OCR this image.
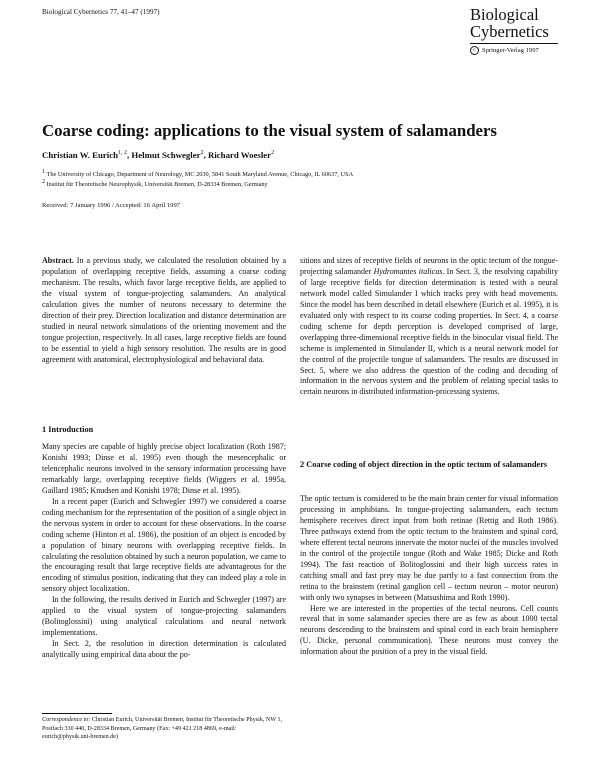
Biological Cybernetics 77, 41–47 (1997)	Biological
Cybernetics
c Springer-Verlag 1997
Coarse coding: applications to the visual system of salamanders
Christian W. Eurich$^{1, 2}$, Helmut Schwegler$^2$, Richard Woesler$^2$
$^1$ The University of Chicago, Department of Neurology, MC 2030, 5841 South Maryland Avenue, Chicago, IL 60637, USA
$^2$ Institut für Theoretische Neurophysik, Universität Bremen, D-28334 Bremen, Germany
Received: 7 January 1996 / Accepted: 16 April 1997

Abstract. In a previous study, we calculated the resolution obtained by a population of overlapping receptive fields, assuming a coarse coding mechanism. The results, which favor large receptive fields, are applied to the visual system of tongue-projecting salamanders. An analytical calculation gives the number of neurons necessary to determine the direction of their prey. Direction localization and distance determination are studied in neural network simulations of the orienting movement and the tongue projection, respectively. In all cases, large receptive fields are found to be essential to yield a high sensory resolution. The results are in good agreement with anatomical, electrophysiological and behavioral data.

1 Introduction

Many species are capable of highly precise object localization (Roth 1987; Konishi 1993; Dinse et al. 1995) even though the mesencephalic or telencephalic neurons involved in the sensory information processing have remarkably large, overlapping receptive fields (Wiggers et al. 1995a, Gaillard 1985; Knudsen and Konishi 1978; Dinse et al. 1995).

In a recent paper (Eurich and Schwegler 1997) we considered a coarse coding mechanism for the representation of the position of a single object in the nervous system in order to account for these observations. In the coarse coding scheme (Hinton et al. 1986), the position of an object is encoded by a population of binary neurons with overlapping receptive fields. In calculating the resolution obtained by such a neuron population, we came to the encouraging result that large receptive fields are advantageous for the encoding of stimulus position, indicating that they can indeed play a role in sensory object localization.

In the following, the results derived in Eurich and Schwegler (1997) are applied to the visual system of tongue-projecting salamanders (Bolitoglossini) using analytical calculations and neural network implementations.

In Sect. 2, the resolution in direction determination is calculated analytically using empirical data about the po-

Correspondence to: Christian Eurich, Universität Bremen, Institut für Theoretische Physik, NW 1, Postfach 330 440, D-28334 Bremen, Germany (Fax: +49 421 218 4869, e-mail: eurich@physik.uni-bremen.de)

sitions and sizes of receptive fields of neurons in the optic tectum of the tongue-projecting salamander Hydromantes italicus. In Sect. 3, the resolving capability of large receptive fields for direction determination is tested with a neural network model called Simulander I which tracks prey with head movements. Since the model has been described in detail elsewhere (Eurich et al. 1995), it is evaluated only with respect to its coarse coding properties. In Sect. 4, a coarse coding scheme for depth perception is developed comprised of large, overlapping three-dimensional receptive fields in the binocular visual field. The scheme is implemented in Simulander II, which is a neural network model for the control of the projectile tongue of salamanders. The results are discussed in Sect. 5, where we also address the question of the coding and decoding of information in the nervous system and the problem of relating special tasks to certain neurons in distributed information-processing systems.

2 Coarse coding of object direction in the optic tectum of salamanders

The optic tectum is considered to be the main brain center for visual information processing in amphibians. In tongue-projecting salamanders, each tectum hemisphere receives direct input from both retinae (Rettig and Roth 1986). Three pathways extend from the optic tectum to the brainstem and spinal cord, where efferent tectal neurons innervate the motor nuclei of the muscles involved in the control of the projectile tongue (Roth and Wake 1985; Dicke and Roth 1994). The fast reaction of Bolitoglossini and their high success rates in catching small and fast prey may be due partly to a fast connection from the retina to the brainstem (retinal ganglion cell – tectum neuron – motor neuron) with only two synapses in between (Matsushima and Roth 1990).

Here we are interested in the properties of the tectal neurons. Cell counts reveal that in some salamander species there are as few as about 1000 tectal neurons descending to the brainstem and spinal cord in each brain hemisphere (U. Dicke, personal communication). These neurons must convey the information about the position of a prey in the visual field.
